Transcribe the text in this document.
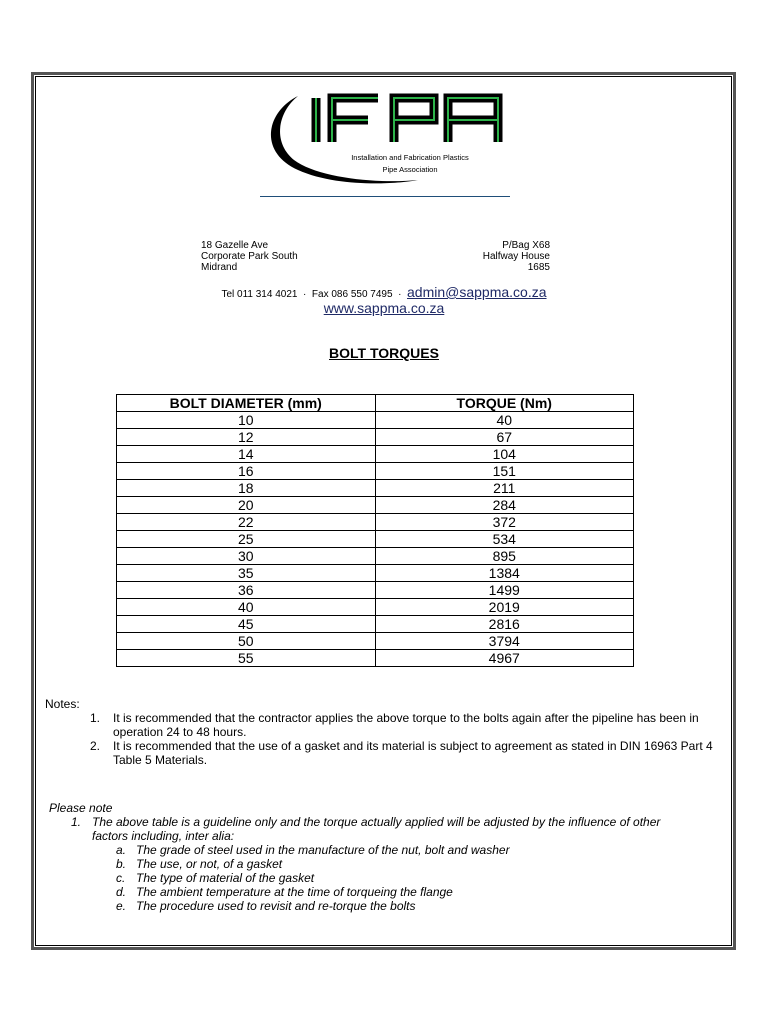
Installation and Fabrication Plastics
Pipe Association
18 Gazelle Ave
Corporate Park South
Midrand
P/Bag X68
Halfway House
1685
Tel 011 314 4021 · Fax 086 550 7495 · admin@sappma.co.za
www.sappma.co.za
BOLT TORQUES
BOLT DIAMETER (mm)	TORQUE (Nm)
10	40
12	67
14	104
16	151
18	211
20	284
22	372
25	534
30	895
35	1384
36	1499
40	2019
45	2816
50	3794
55	4967
Notes:
1. It is recommended that the contractor applies the above torque to the bolts again after the pipeline has been in operation 24 to 48 hours.
2. It is recommended that the use of a gasket and its material is subject to agreement as stated in DIN 16963 Part 4 Table 5 Materials.
Please note
1. The above table is a guideline only and the torque actually applied will be adjusted by the influence of other
factors including, inter alia:
a. The grade of steel used in the manufacture of the nut, bolt and washer
b. The use, or not, of a gasket
c. The type of material of the gasket
d. The ambient temperature at the time of torqueing the flange
e. The procedure used to revisit and re-torque the bolts
